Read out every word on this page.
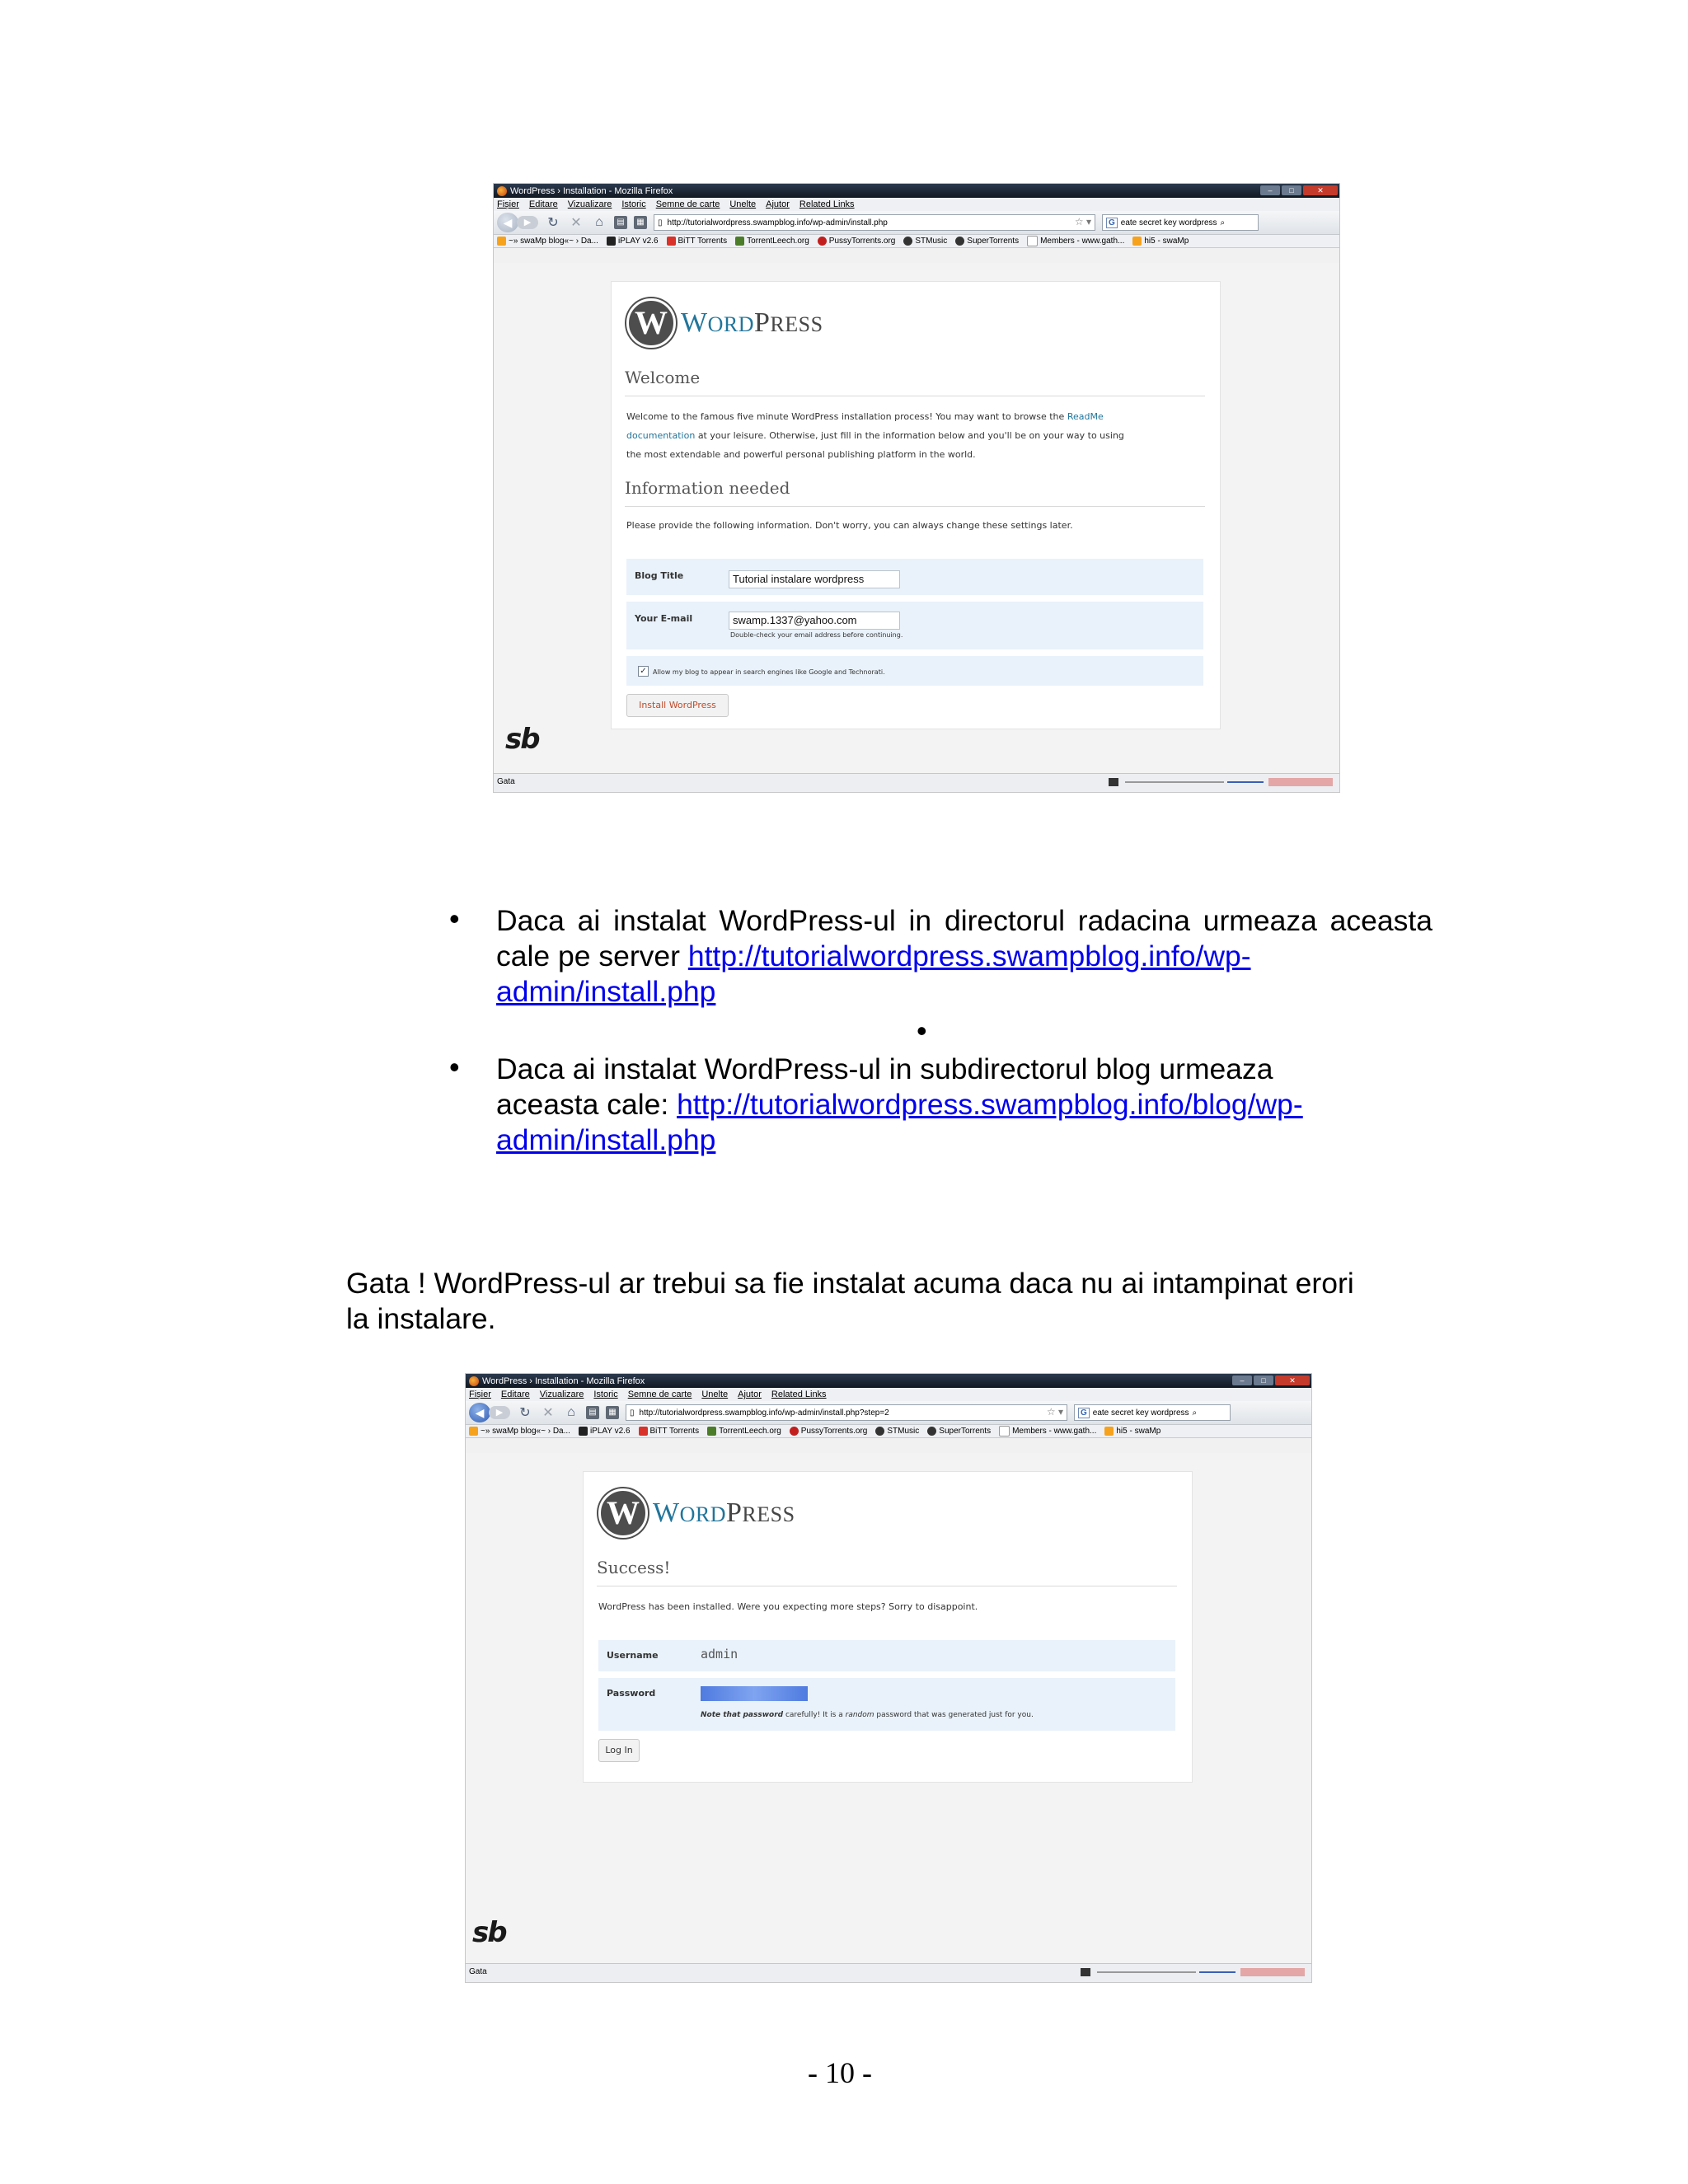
WordPress › Installation - Mozilla Firefox	–	□	✕
Fișier Editare Vizualizare Istoric Semne de carte Unelte Ajutor Related Links
◀	▶	↻ ✕	⌂	▤	▦	▯ http://tutorialwordpress.swampblog.info/wp-admin/install.php	☆ ▾	G eate secret key wordpress ⌕
~» swaMp blog«~ › Da...	iPLAY v2.6	BiTT Torrents	TorrentLeech.org	PussyTorrents.org	STMusic	SuperTorrents	Members - www.gath...	hi5 - swaMp
W WORDPRESS
Welcome
Welcome to the famous five minute WordPress installation process! You may want to browse the ReadMe
documentation at your leisure. Otherwise, just fill in the information below and you'll be on your way to using
the most extendable and powerful personal publishing platform in the world.
Information needed
Please provide the following information. Don't worry, you can always change these settings later.
Blog Title	Tutorial instalare wordpress
Your E-mail	swamp.1337@yahoo.com
Double-check your email address before continuing.
✓ Allow my blog to appear in search engines like Google and Technorati.
Install WordPress
sb
Gata
• Daca ai instalat WordPress-ul in directorul radacina urmeaza aceasta cale pe server http://tutorialwordpress.swampblog.info/wp-
admin/install.php
•
• Daca ai instalat WordPress-ul in subdirectorul blog urmeaza
aceasta cale: http://tutorialwordpress.swampblog.info/blog/wp-
admin/install.php
Gata ! WordPress-ul ar trebui sa fie instalat acuma daca nu ai intampinat erori
la instalare.
WordPress › Installation - Mozilla Firefox	–	□	✕
Fișier Editare Vizualizare Istoric Semne de carte Unelte Ajutor Related Links
◀	▶	↻ ✕	⌂	▤	▦	▯ http://tutorialwordpress.swampblog.info/wp-admin/install.php?step=2	☆ ▾	G eate secret key wordpress ⌕
~» swaMp blog«~ › Da...	iPLAY v2.6	BiTT Torrents	TorrentLeech.org	PussyTorrents.org	STMusic	SuperTorrents	Members - www.gath...	hi5 - swaMp
W WORDPRESS
Success!
WordPress has been installed. Were you expecting more steps? Sorry to disappoint.
Username	admin
Password
Note that password carefully! It is a random password that was generated just for you.
Log In
sb
Gata
- 10 -
